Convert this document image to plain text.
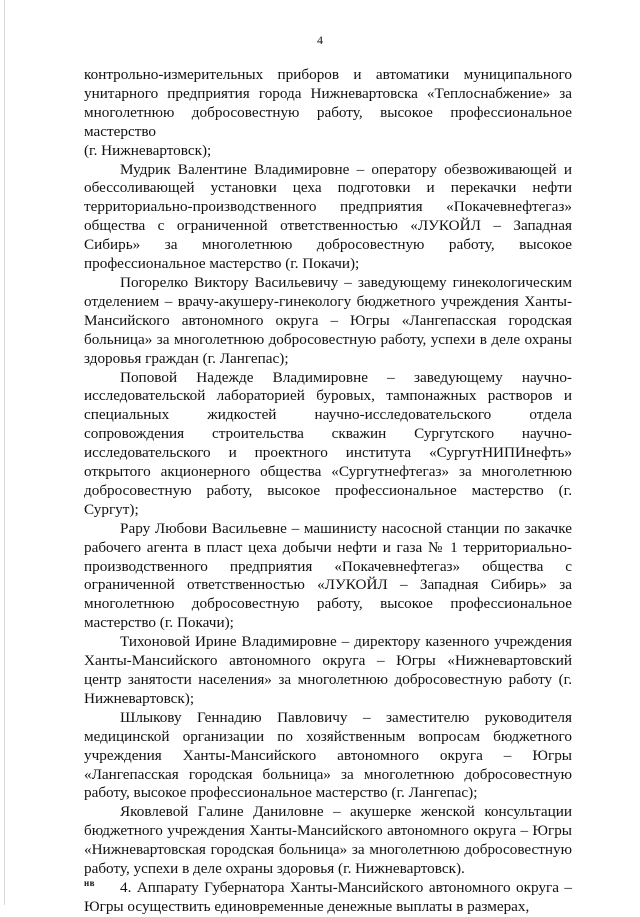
4

контрольно-измерительных приборов и автоматики муниципального унитарного предприятия города Нижневартовска «Теплоснабжение» за многолетнюю добросовестную работу, высокое профессиональное мастерство

(г. Нижневартовск);

Мудрик Валентине Владимировне – оператору обезвоживающей и обессоливающей установки цеха подготовки и перекачки нефти территориально-производственного предприятия «Покачевнефтегаз» общества с ограниченной ответственностью «ЛУКОЙЛ – Западная Сибирь» за многолетнюю добросовестную работу, высокое профессиональное мастерство (г. Покачи);

Погорелко Виктору Васильевичу – заведующему гинекологическим отделением – врачу-акушеру-гинекологу бюджетного учреждения Ханты-Мансийского автономного округа – Югры «Лангепасская городская больница» за многолетнюю добросовестную работу, успехи в деле охраны здоровья граждан (г. Лангепас);

Поповой Надежде Владимировне – заведующему научно-исследовательской лабораторией буровых, тампонажных растворов и специальных жидкостей научно-исследовательского отдела сопровождения строительства скважин Сургутского научно-исследовательского и проектного института «СургутНИПИнефть» открытого акционерного общества «Сургутнефтегаз» за многолетнюю добросовестную работу, высокое профессиональное мастерство (г. Сургут);

Рару Любови Васильевне – машинисту насосной станции по закачке рабочего агента в пласт цеха добычи нефти и газа № 1 территориально-производственного предприятия «Покачевнефтегаз» общества с ограниченной ответственностью «ЛУКОЙЛ – Западная Сибирь» за многолетнюю добросовестную работу, высокое профессиональное мастерство (г. Покачи);

Тихоновой Ирине Владимировне – директору казенного учреждения Ханты-Мансийского автономного округа – Югры «Нижневартовский центр занятости населения» за многолетнюю добросовестную работу (г. Нижневартовск);

Шлыкову Геннадию Павловичу – заместителю руководителя медицинской организации по хозяйственным вопросам бюджетного учреждения Ханты-Мансийского автономного округа – Югры «Лангепасская городская больница» за многолетнюю добросовестную работу, высокое профессиональное мастерство (г. Лангепас);

Яковлевой Галине Даниловне – акушерке женской консультации бюджетного учреждения Ханты-Мансийского автономного округа – Югры «Нижневартовская городская больница» за многолетнюю добросовестную работу, успехи в деле охраны здоровья (г. Нижневартовск).

4. Аппарату Губернатора Ханты-Мансийского автономного округа – Югры осуществить единовременные денежные выплаты в размерах,

нв
